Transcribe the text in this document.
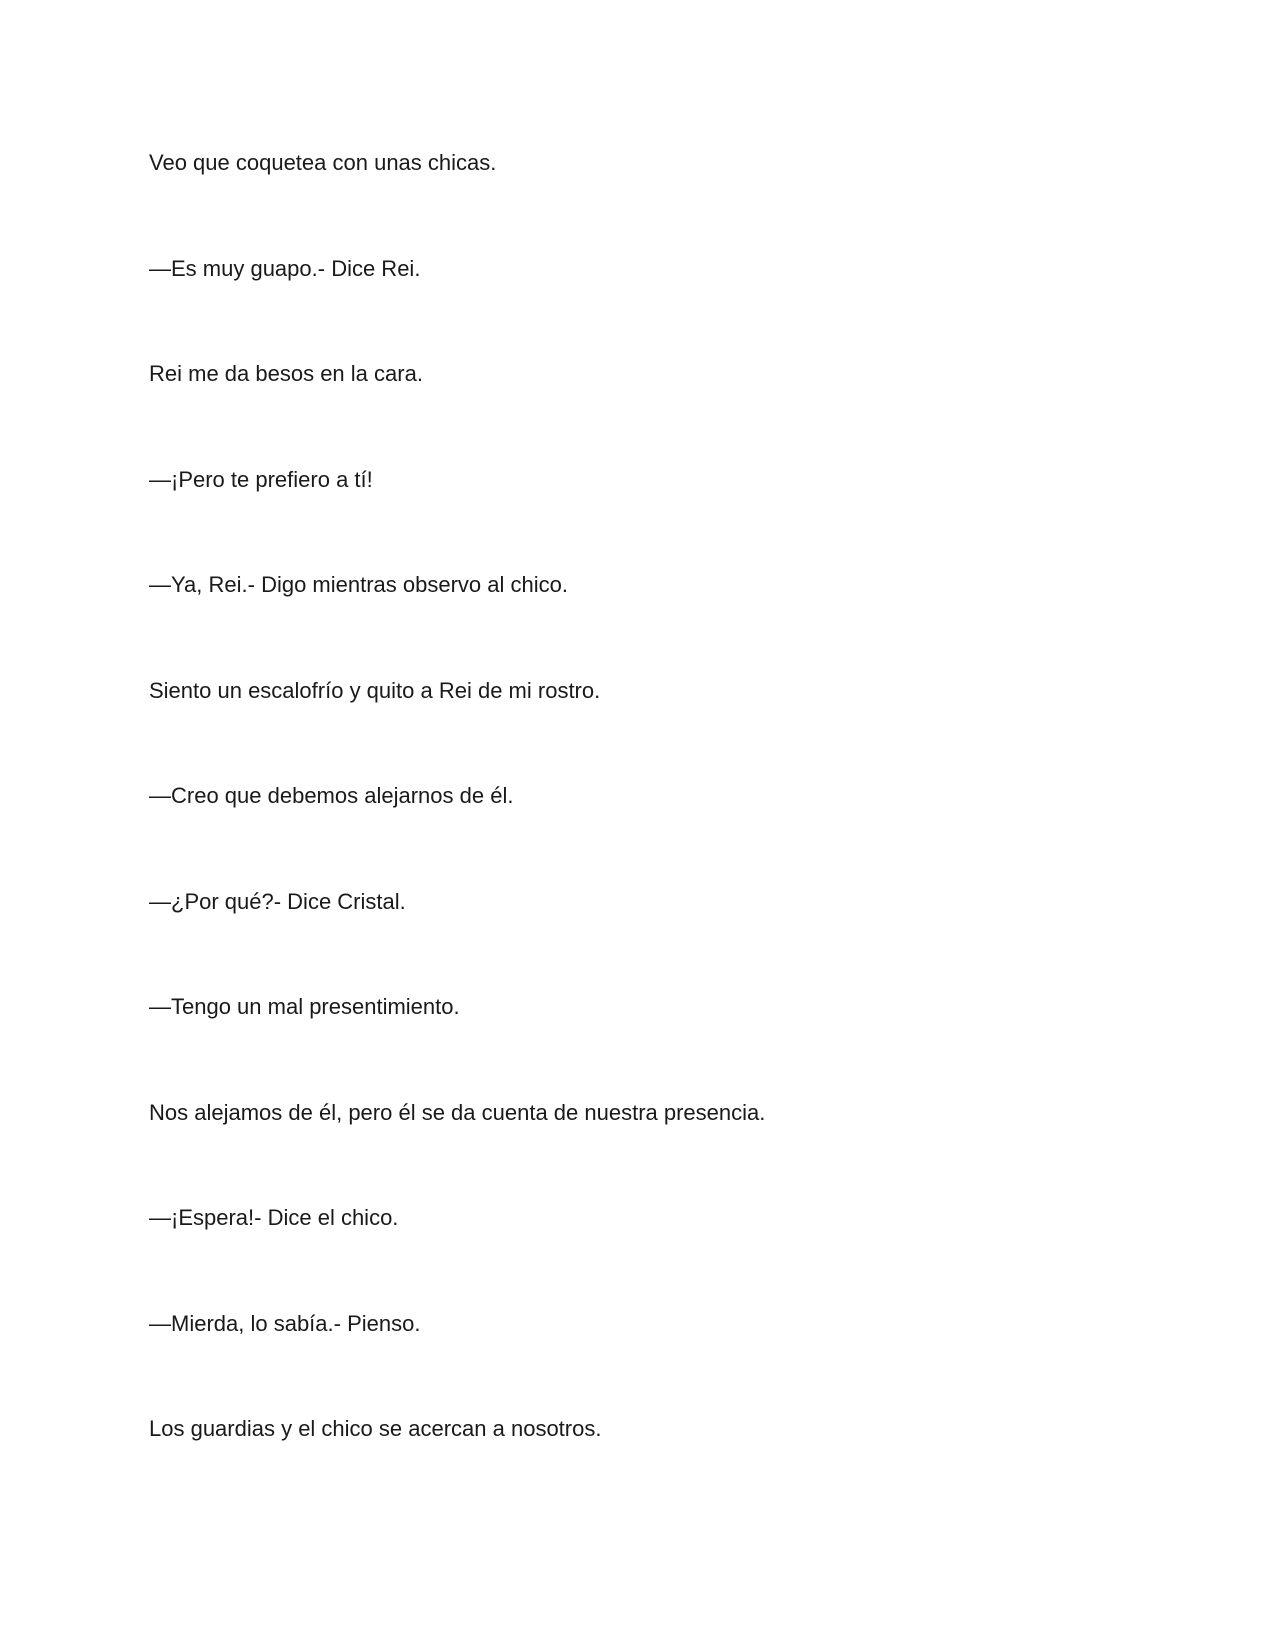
Veo que coquetea con unas chicas.

—Es muy guapo.- Dice Rei.

Rei me da besos en la cara.

—¡Pero te prefiero a tí!

—Ya, Rei.- Digo mientras observo al chico.

Siento un escalofrío y quito a Rei de mi rostro.

—Creo que debemos alejarnos de él.

—¿Por qué?- Dice Cristal.

—Tengo un mal presentimiento.

Nos alejamos de él, pero él se da cuenta de nuestra presencia.

—¡Espera!- Dice el chico.

—Mierda, lo sabía.- Pienso.

Los guardias y el chico se acercan a nosotros.
